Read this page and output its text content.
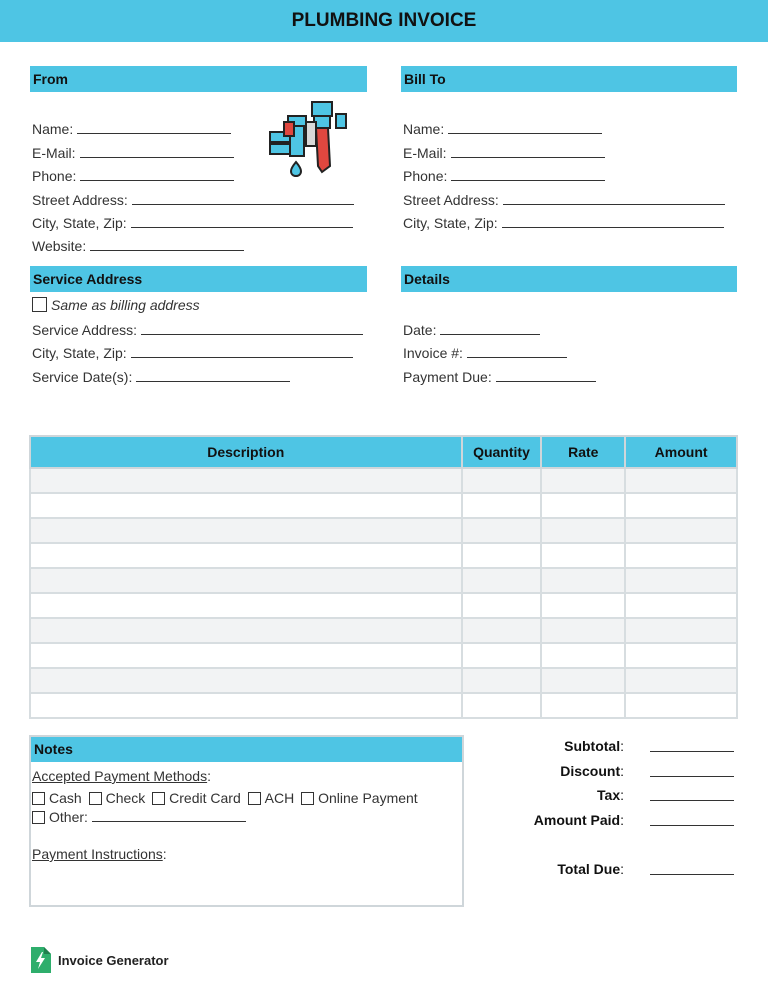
PLUMBING INVOICE
From
Name:
E-Mail:
Phone:
Street Address:
City, State, Zip:
Website:
Bill To
Name:
E-Mail:
Phone:
Street Address:
City, State, Zip:
Service Address
Same as billing address
Service Address:
City, State, Zip:
Service Date(s):
Details
Date:
Invoice #:
Payment Due:
Description	Quantity	Rate	Amount

Notes
Accepted Payment Methods:
Cash Check Credit Card ACH Online Payment
Other:
Payment Instructions:
Subtotal:
Discount:
Tax:
Amount Paid:
Total Due:
Invoice Generator
